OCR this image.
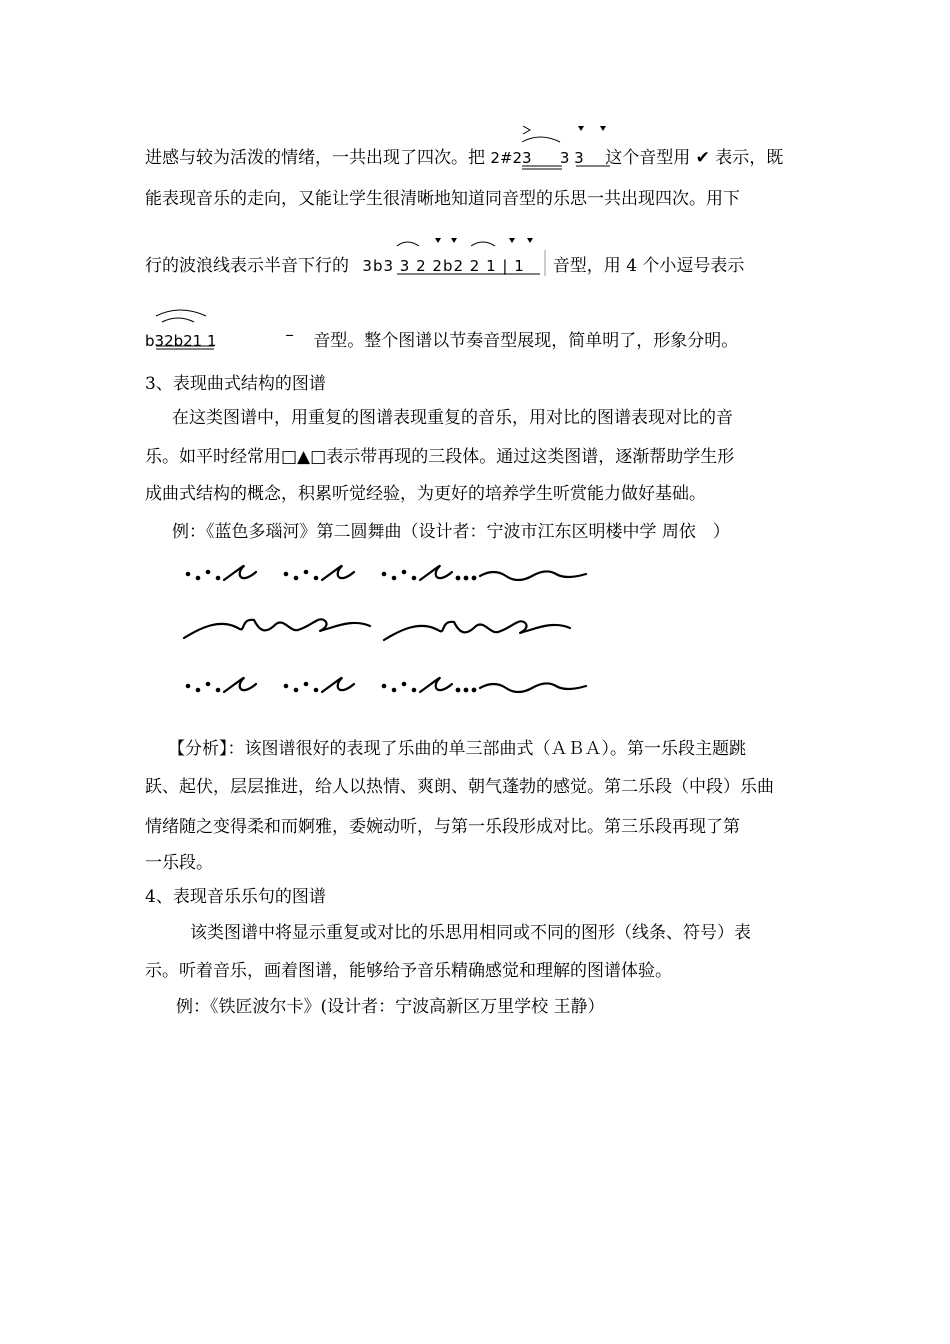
进感与较为活泼的情绪，一共出现了四次。把 2#23 3 3 这个音型用 ✔ 表示，既
能表现音乐的走向，又能让学生很清晰地知道同音型的乐思一共出现四次。用下
行的波浪线表示半音下行的 3b3 3 2 2b2 2 1 | 1 音型，用 4 个小逗号表示
b32b21 1	– 音型。整个图谱以节奏音型展现，简单明了，形象分明。
3、表现曲式结构的图谱
在这类图谱中，用重复的图谱表现重复的音乐，用对比的图谱表现对比的音
乐。如平时经常用□▲□表示带再现的三段体。通过这类图谱，逐渐帮助学生形
成曲式结构的概念，积累听觉经验，为更好的培养学生听赏能力做好基础。
例：《蓝色多瑙河》第二圆舞曲（设计者：宁波市江东区明楼中学 周依　）
【分析】：该图谱很好的表现了乐曲的单三部曲式（ＡＢＡ）。第一乐段主题跳
跃、起伏，层层推进，给人以热情、爽朗、朝气蓬勃的感觉。第二乐段（中段）乐曲
情绪随之变得柔和而婀雅，委婉动听，与第一乐段形成对比。第三乐段再现了第
一乐段。
4、表现音乐乐句的图谱
该类图谱中将显示重复或对比的乐思用相同或不同的图形（线条、符号）表
示。听着音乐，画着图谱，能够给予音乐精确感觉和理解的图谱体验。
例：《铁匠波尔卡》(设计者：宁波高新区万里学校 王静）
